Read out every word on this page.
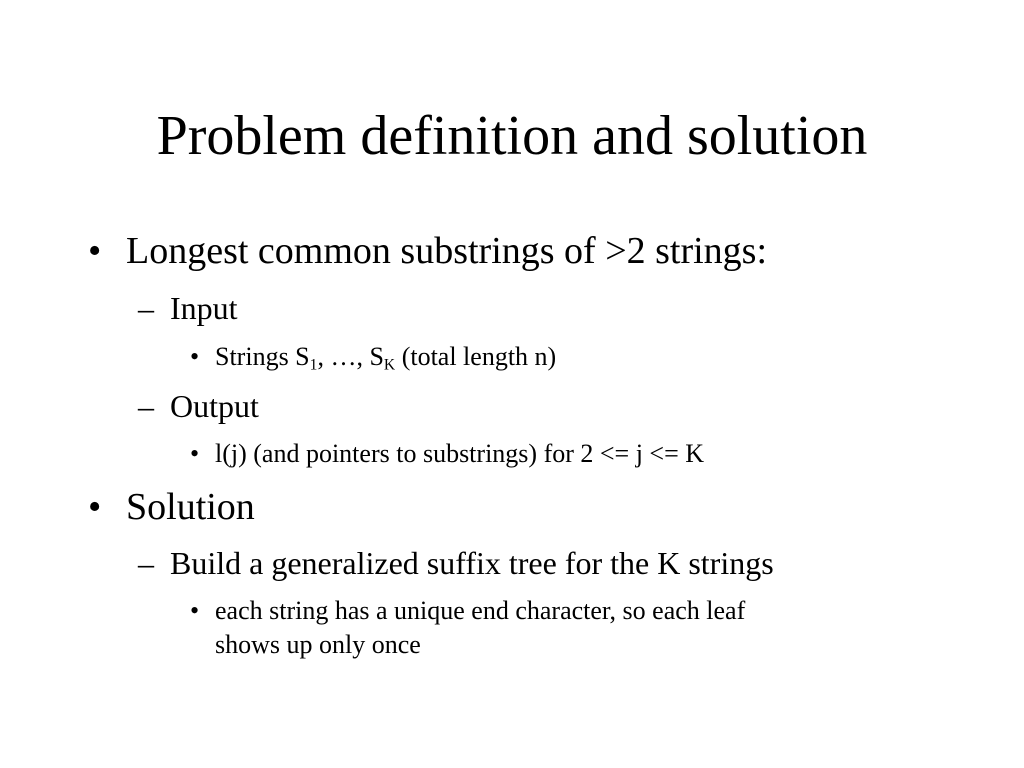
Problem definition and solution
• Longest common substrings of >2 strings:
– Input
• Strings $S_1$, …, $S_K$ (total length n)
– Output
• l(j) (and pointers to substrings) for 2 <= j <= K
• Solution
– Build a generalized suffix tree for the K strings
• each string has a unique end character, so each leaf
shows up only once
